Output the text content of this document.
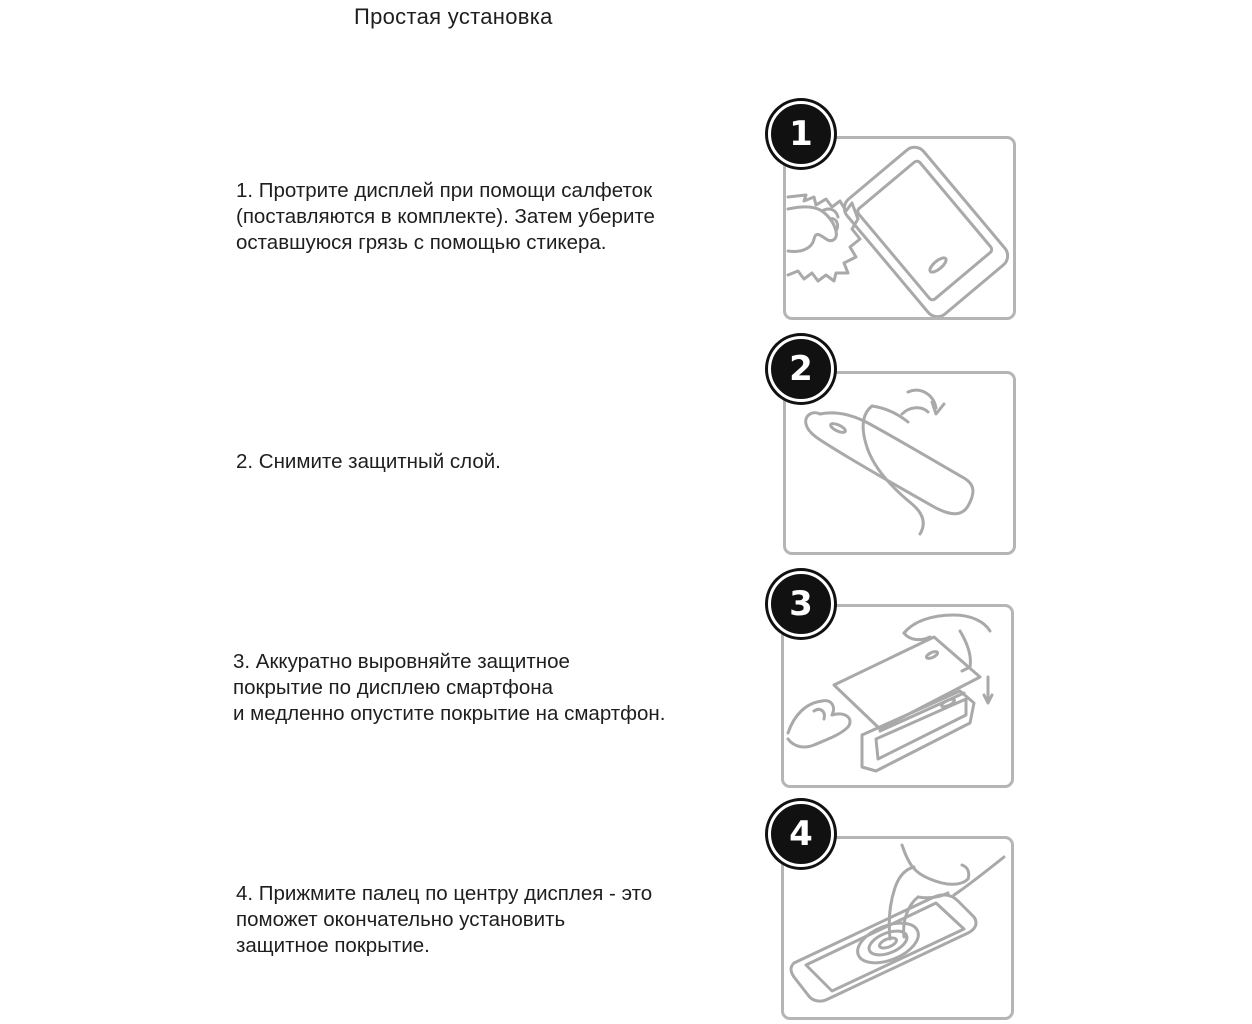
Простая установка
1. Протрите дисплей при помощи салфеток
(поставляются в комплекте). Затем уберите
оставшуюся грязь с помощью стикера.
1
2. Снимите защитный слой.
2
3. Аккуратно выровняйте защитное
покрытие по дисплею смартфона
и медленно опустите покрытие на смартфон.
3
4. Прижмите палец по центру дисплея - это
поможет окончательно установить
защитное покрытие.
4
